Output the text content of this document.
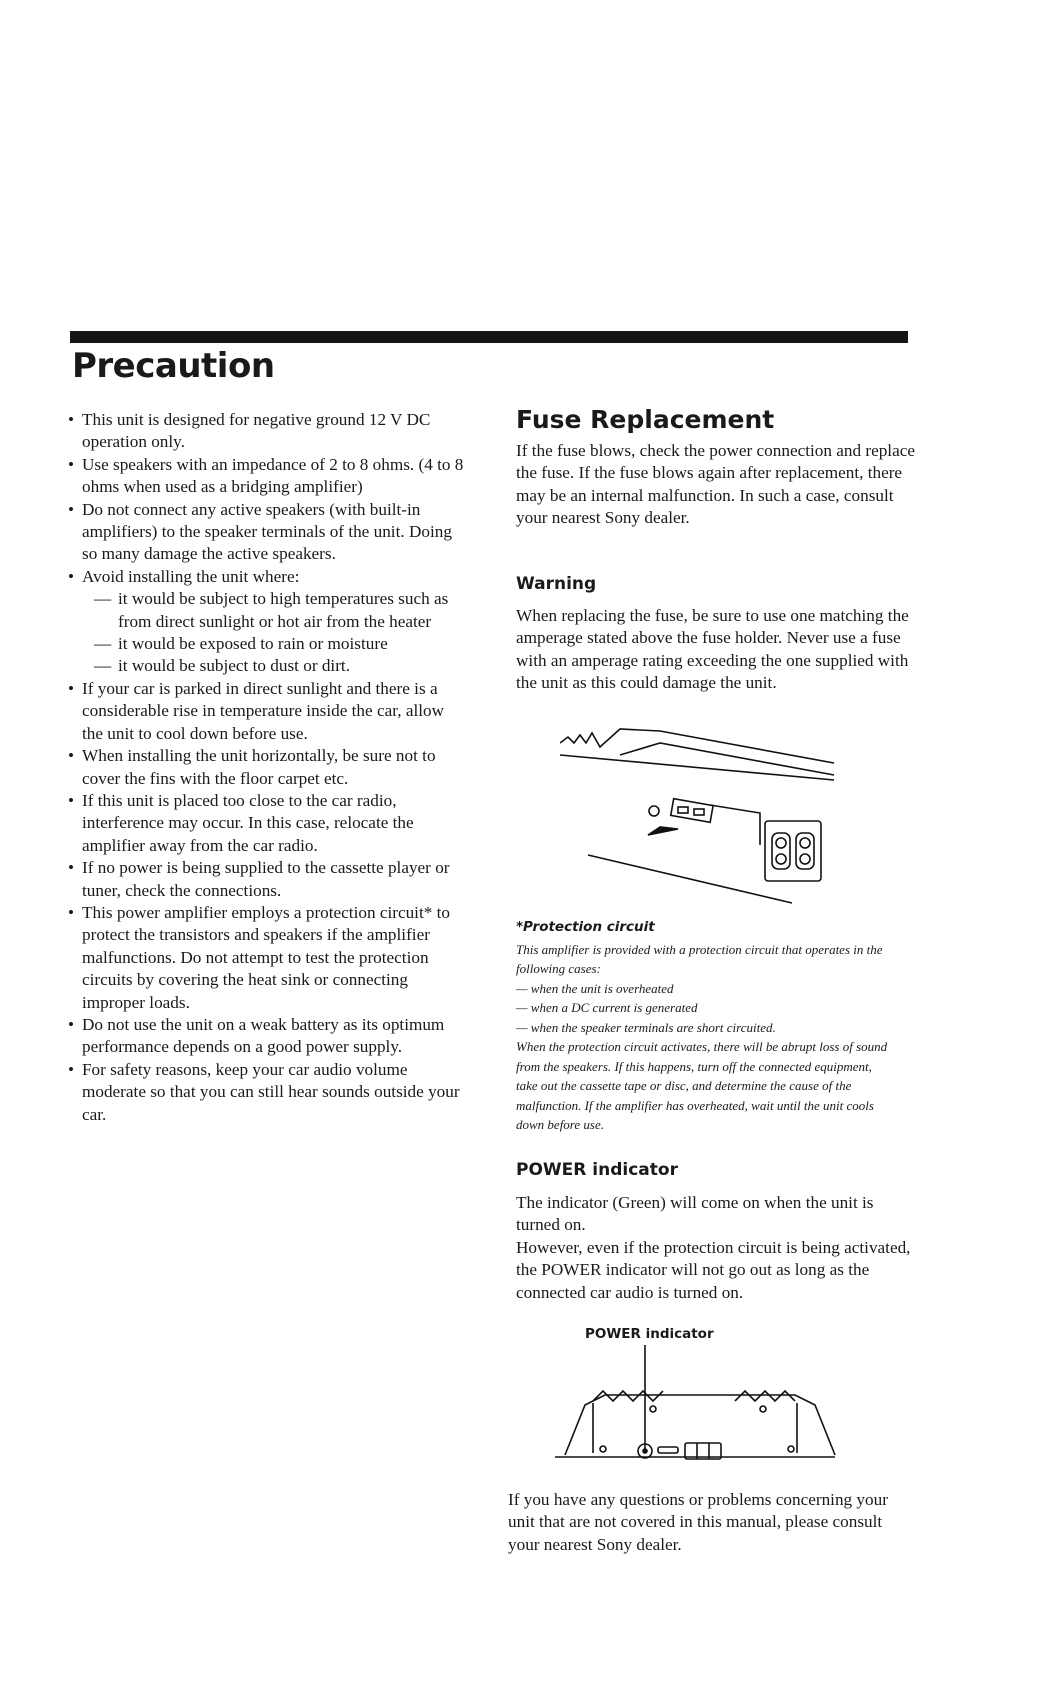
Precaution
• This unit is designed for negative ground 12 V DC operation only.
• Use speakers with an impedance of 2 to 8 ohms. (4 to 8 ohms when used as a bridging amplifier)
• Do not connect any active speakers (with built-in amplifiers) to the speaker terminals of the unit. Doing so many damage the active speakers.
• Avoid installing the unit where:
— it would be subject to high temperatures such as from direct sunlight or hot air from the heater
— it would be exposed to rain or moisture
— it would be subject to dust or dirt.
• If your car is parked in direct sunlight and there is a considerable rise in temperature inside the car, allow the unit to cool down before use.
• When installing the unit horizontally, be sure not to cover the fins with the floor carpet etc.
• If this unit is placed too close to the car radio, interference may occur. In this case, relocate the amplifier away from the car radio.
• If no power is being supplied to the cassette player or tuner, check the connections.
• This power amplifier employs a protection circuit* to protect the transistors and speakers if the amplifier malfunctions. Do not attempt to test the protection circuits by covering the heat sink or connecting improper loads.
• Do not use the unit on a weak battery as its optimum performance depends on a good power supply.
• For safety reasons, keep your car audio volume moderate so that you can still hear sounds outside your car.
Fuse Replacement

If the fuse blows, check the power connection and replace the fuse. If the fuse blows again after replacement, there may be an internal malfunction. In such a case, consult your nearest Sony dealer.

Warning

When replacing the fuse, be sure to use one matching the amperage stated above the fuse holder. Never use a fuse with an amperage rating exceeding the one supplied with the unit as this could damage the unit.

*Protection circuit

This amplifier is provided with a protection circuit that operates in the following cases:

— when the unit is overheated

— when a DC current is generated

— when the speaker terminals are short circuited.

When the protection circuit activates, there will be abrupt loss of sound from the speakers. If this happens, turn off the connected equipment, take out the cassette tape or disc, and determine the cause of the malfunction. If the amplifier has overheated, wait until the unit cools down before use.

POWER indicator

The indicator (Green) will come on when the unit is turned on.

However, even if the protection circuit is being activated, the POWER indicator will not go out as long as the connected car audio is turned on.

POWER indicator

If you have any questions or problems concerning your unit that are not covered in this manual, please consult your nearest Sony dealer.
